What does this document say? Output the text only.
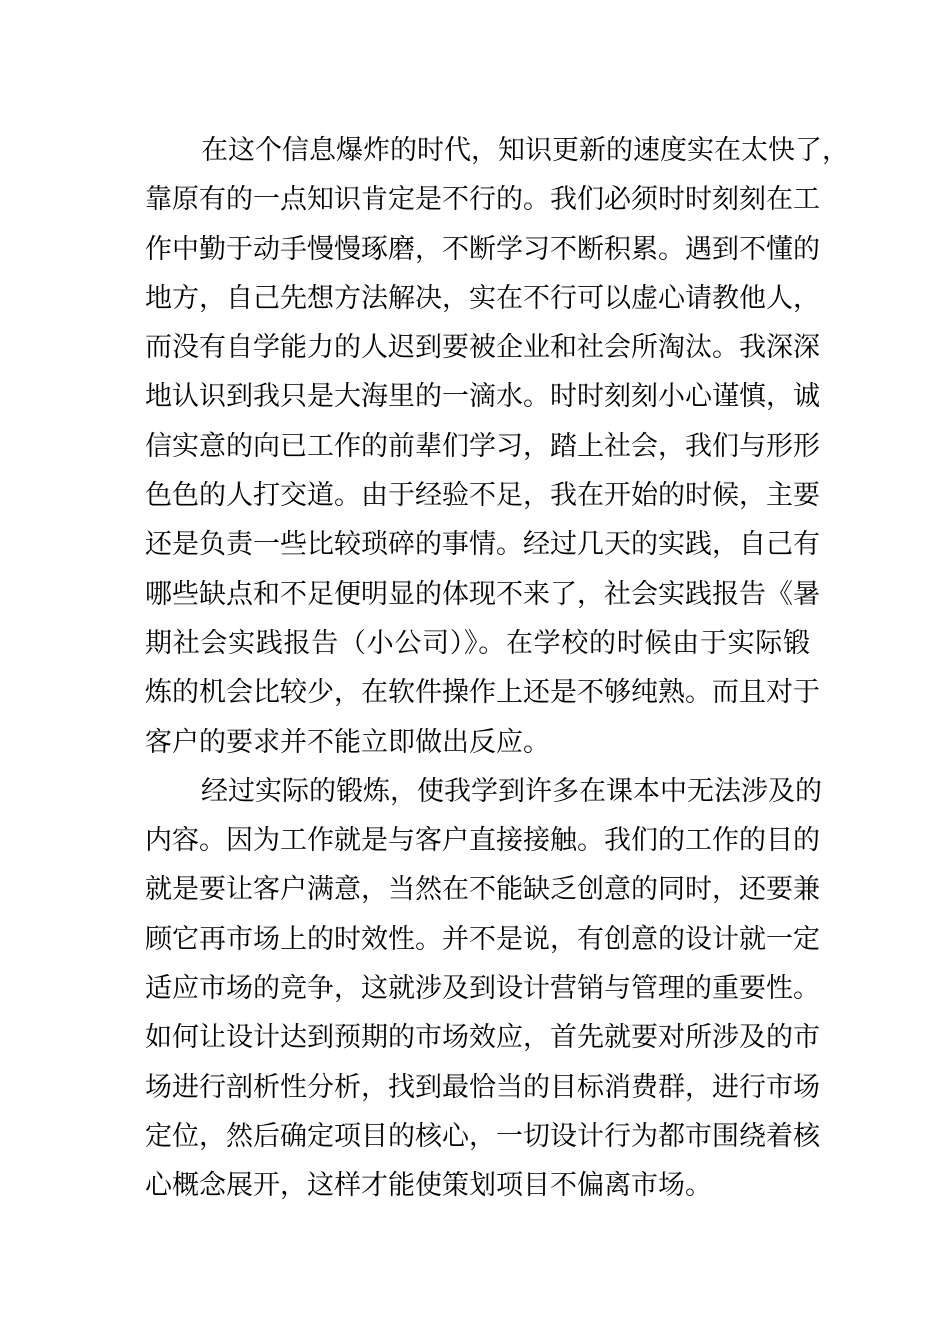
在这个信息爆炸的时代，知识更新的速度实在太快了，
靠原有的一点知识肯定是不行的。我们必须时时刻刻在工
作中勤于动手慢慢琢磨，不断学习不断积累。遇到不懂的
地方，自己先想方法解决，实在不行可以虚心请教他人，
而没有自学能力的人迟到要被企业和社会所淘汰。我深深
地认识到我只是大海里的一滴水。时时刻刻小心谨慎，诚
信实意的向已工作的前辈们学习，踏上社会，我们与形形
色色的人打交道。由于经验不足，我在开始的时候，主要
还是负责一些比较琐碎的事情。经过几天的实践，自己有
哪些缺点和不足便明显的体现不来了，社会实践报告《暑
期社会实践报告（小公司）》。在学校的时候由于实际锻
炼的机会比较少，在软件操作上还是不够纯熟。而且对于
客户的要求并不能立即做出反应。
经过实际的锻炼，使我学到许多在课本中无法涉及的
内容。因为工作就是与客户直接接触。我们的工作的目的
就是要让客户满意，当然在不能缺乏创意的同时，还要兼
顾它再市场上的时效性。并不是说，有创意的设计就一定
适应市场的竞争，这就涉及到设计营销与管理的重要性。
如何让设计达到预期的市场效应，首先就要对所涉及的市
场进行剖析性分析，找到最恰当的目标消费群，进行市场
定位，然后确定项目的核心，一切设计行为都市围绕着核
心概念展开，这样才能使策划项目不偏离市场。
